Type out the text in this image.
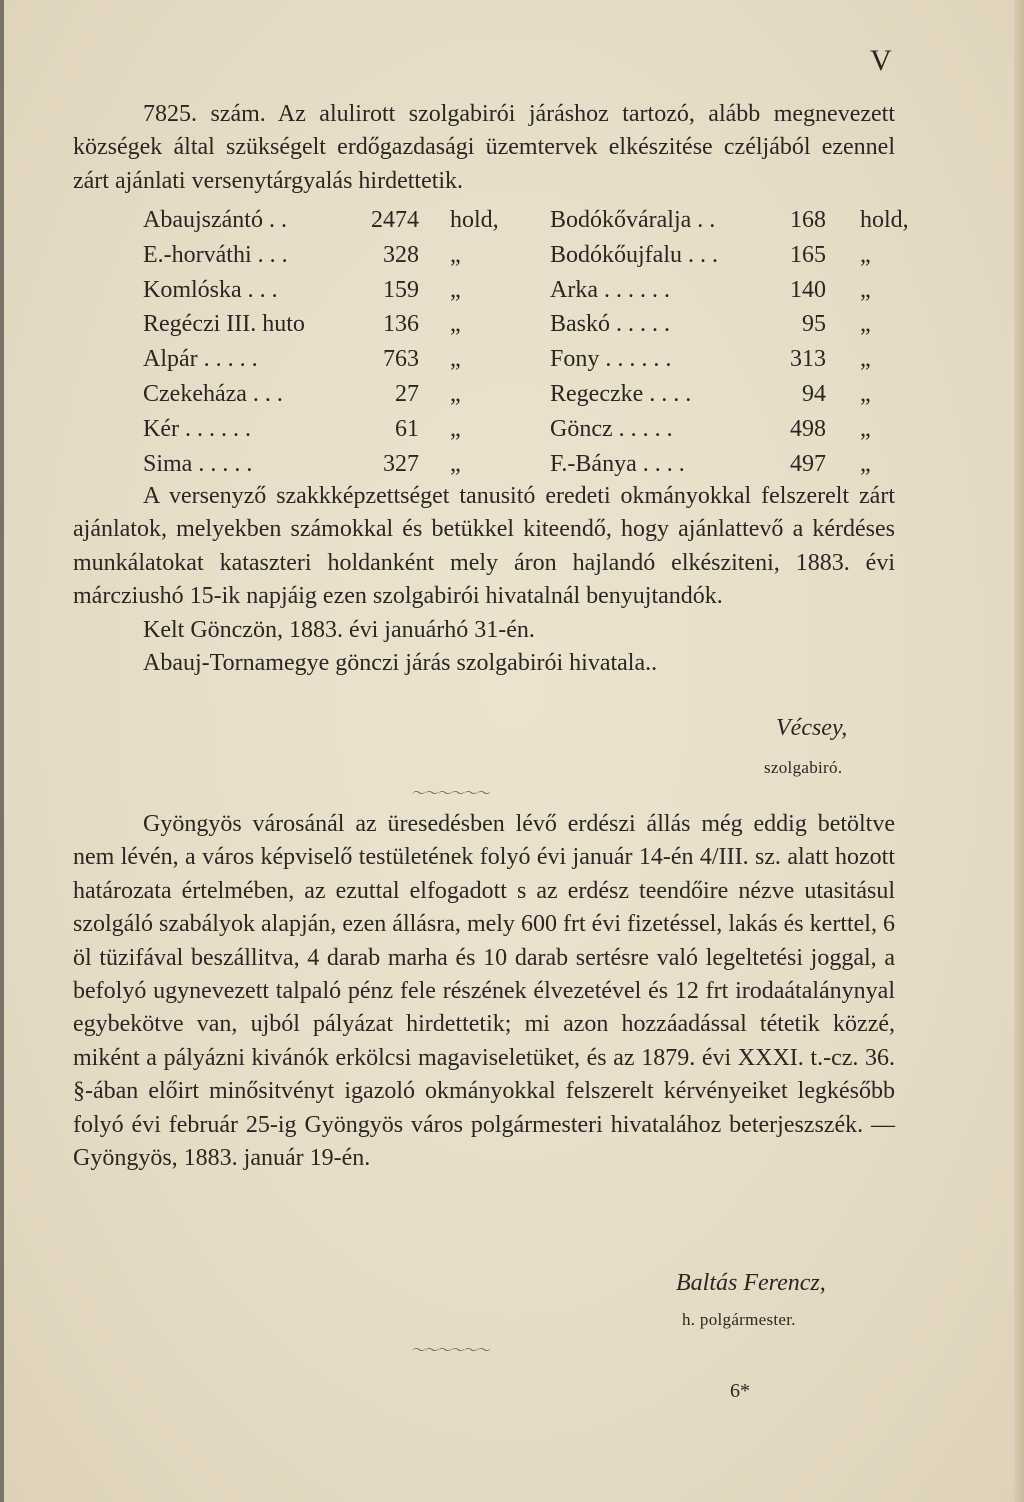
V

7825. szám. Az alulirott szolgabirói járáshoz tartozó, alább megnevezett községek által szükségelt erdőgazdasági üzemtervek elkészitése czéljából ezennel zárt ajánlati versenytárgyalás hirdettetik.

Abaujszántó . .	2474 hold, Bodókőváralja . .	168 hold,
E.-horváthi . . .	328 „	Bodókőujfalu . . .	165 „
Komlóska . . .	159 „	Arka . . . . . .	140 „
Regéczi III. huto	136 „	Baskó . . . . .	95 „
Alpár . . . . .	763 „	Fony . . . . . .	313 „
Czekeháza . . .	27 „	Regeczke . . . .	94 „
Kér . . . . . .	61 „	Göncz . . . . .	498 „
Sima . . . . .	327 „	F.-Bánya . . . .	497 „

A versenyző szakkképzettséget tanusitó eredeti okmányokkal felszerelt zárt ajánlatok, melyekben számokkal és betükkel kiteendő, hogy ajánlattevő a kérdéses munkálatokat kataszteri holdanként mely áron hajlandó elkésziteni, 1883. évi márcziushó 15-ik napjáig ezen szolgabirói hivatalnál benyujtandók.

Kelt Gönczön, 1883. évi januárhó 31-én.

Abauj-Tornamegye gönczi járás szolgabirói hivatala..

Vécsey,
szolgabiró.
〜〜〜〜〜〜

Gyöngyös városánál az üresedésben lévő erdészi állás még eddig betöltve nem lévén, a város képviselő testületének folyó évi január 14-én 4/III. sz. alatt hozott határozata értelmében, az ezuttal elfogadott s az erdész teendőire nézve utasitásul szolgáló szabályok alapján, ezen állásra, mely 600 frt évi fizetéssel, lakás és kerttel, 6 öl tüzifával beszállitva, 4 darab marha és 10 darab sertésre való legeltetési joggal, a befolyó ugynevezett talpaló pénz fele részének élvezetével és 12 frt irodaátalánynyal egybekötve van, ujból pályázat hirdettetik; mi azon hozzáadással tétetik közzé, miként a pályázni kivánók erkölcsi magaviseletüket, és az 1879. évi XXXI. t.-cz. 36. §-ában előirt minősitvényt igazoló okmányokkal felszerelt kérvényeiket legkésőbb folyó évi február 25-ig Gyöngyös város polgármesteri hivatalához beterjeszszék. — Gyöngyös, 1883. január 19-én.

Baltás Ferencz,
h. polgármester.
〜〜〜〜〜〜
6*
